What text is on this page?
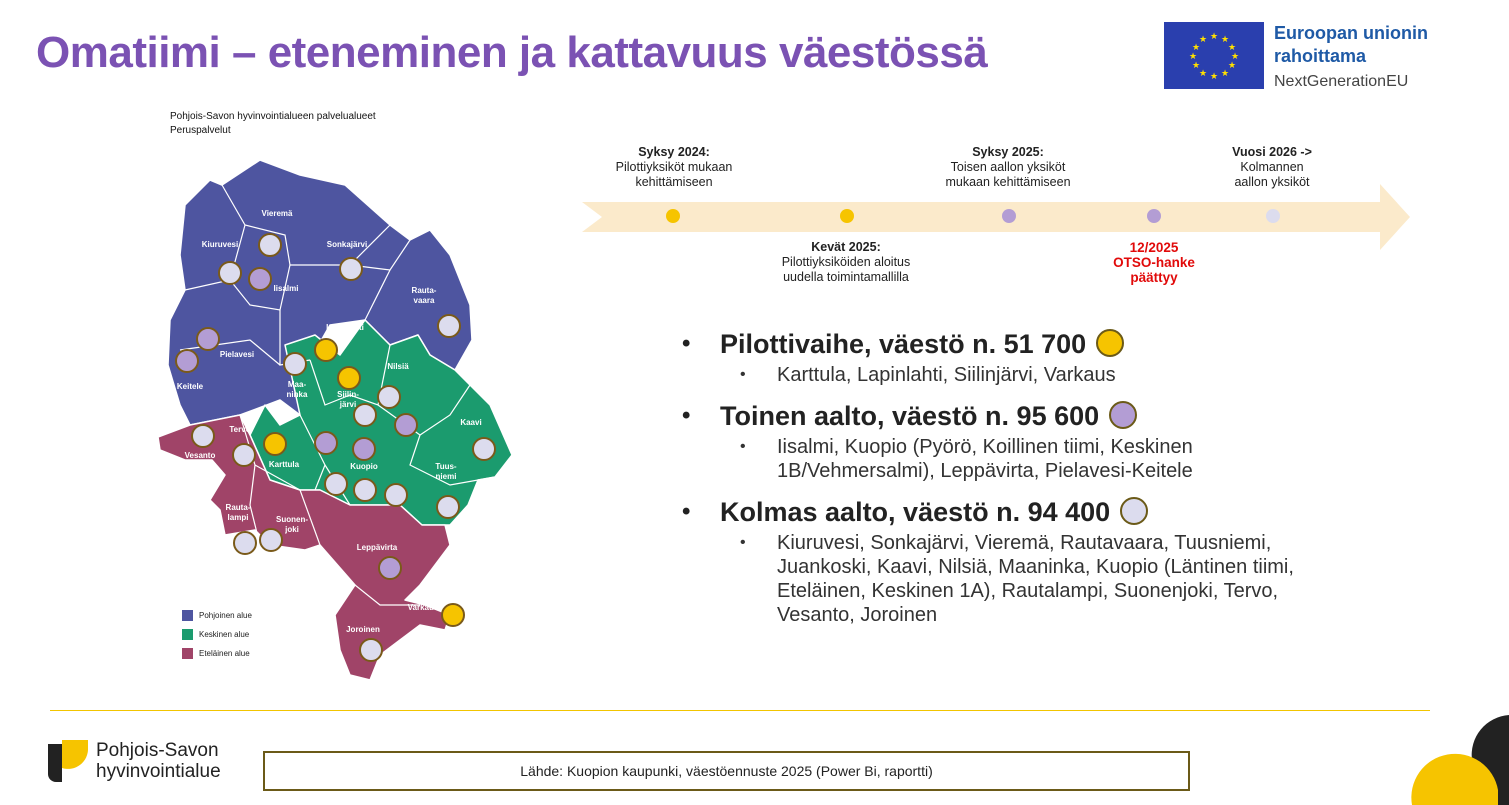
Omatiimi – eteneminen ja kattavuus väestössä	★ ★
★
★
★
★
★
★
★
★
★
★	Euroopan unionin
rahoittama
NextGenerationEU
Pohjois-Savon hyvinvointialueen palvelualueet
Peruspalvelut
Vieremä
Kiuruvesi	Sonkajärvi
Iisalmi	Rauta-
vaara
Lapinlahti
Pielavesi
Keitele
Nilsiä
Maa-
ninka	Siilin-
järvi
Kaavi
Tervo
Vesanto
Karttula	Kuopio	Tuus-
niemi
Rauta-
lampi	Suonen-
joki
Leppävirta
Varkaus
Joroinen
Pohjoinen alue
Keskinen alue
Eteläinen alue
Syksy 2024:
Pilottiyksiköt mukaan
kehittämiseen
Syksy 2025:
Toisen aallon yksiköt
mukaan kehittämiseen
Vuosi 2026 ->
Kolmannen
aallon yksiköt
Kevät 2025:
Pilottiyksiköiden aloitus
uudella toimintamallilla
12/2025
OTSO-hanke
päättyy
• Pilottivaihe, väestö n. 51 700
• Karttula, Lapinlahti, Siilinjärvi, Varkaus
• Toinen aalto, väestö n. 95 600
• Iisalmi, Kuopio (Pyörö, Koillinen tiimi, Keskinen 1B/Vehmersalmi), Leppävirta, Pielavesi-Keitele
• Kolmas aalto, väestö n. 94 400
• Kiuruvesi, Sonkajärvi, Vieremä, Rautavaara, Tuusniemi, Juankoski, Kaavi, Nilsiä, Maaninka, Kuopio (Läntinen tiimi, Eteläinen, Keskinen 1A), Rautalampi, Suonenjoki, Tervo, Vesanto, Joroinen
Pohjois-Savon
hyvinvointialue	Lähde: Kuopion kaupunki, väestöennuste 2025 (Power Bi, raportti)
